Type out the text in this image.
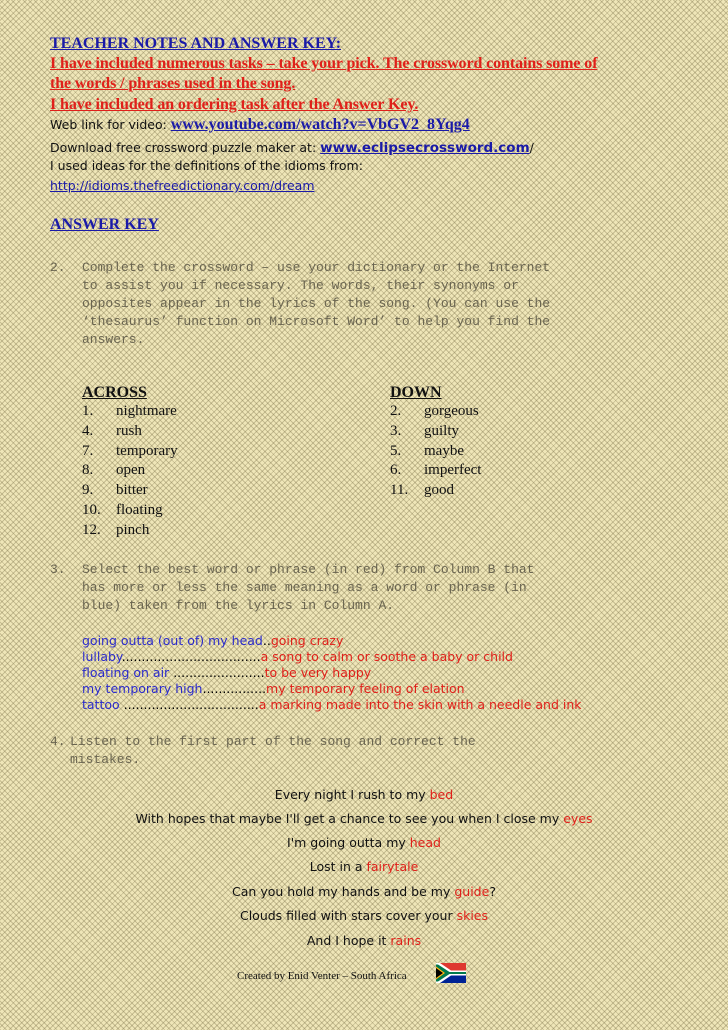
TEACHER NOTES AND ANSWER KEY:
I have included numerous tasks – take your pick. The crossword contains some of
the words / phrases used in the song.
I have included an ordering task after the Answer Key.
Web link for video: www.youtube.com/watch?v=VbGV2_8Yqg4
Download free crossword puzzle maker at: www.eclipsecrossword.com/
I used ideas for the definitions of the idioms from:
http://idioms.thefreedictionary.com/dream
ANSWER KEY
2. Complete the crossword – use your dictionary or the Internet
to assist you if necessary. The words, their synonyms or
opposites appear in the lyrics of the song. (You can use the
‘thesaurus’ function on Microsoft Word’ to help you find the
answers.
ACROSS	DOWN
1. nightmare
4. rush
7. temporary
8. open
9. bitter
10. floating
12. pinch
2. gorgeous
3. guilty
5. maybe
6. imperfect
11. good
3. Select the best word or phrase (in red) from Column B that
has more or less the same meaning as a word or phrase (in
blue) taken from the lyrics in Column A.
going outta (out of) my head..going crazy
lullaby...................................a song to calm or soothe a baby or child
floating on air .......................to be very happy
my temporary high................my temporary feeling of elation
tattoo ..................................a marking made into the skin with a needle and ink
4. Listen to the first part of the song and correct the
mistakes.
Every night I rush to my bed
With hopes that maybe I'll get a chance to see you when I close my eyes
I'm going outta my head
Lost in a fairytale
Can you hold my hands and be my guide?
Clouds filled with stars cover your skies
And I hope it rains
Created by Enid Venter – South Africa
